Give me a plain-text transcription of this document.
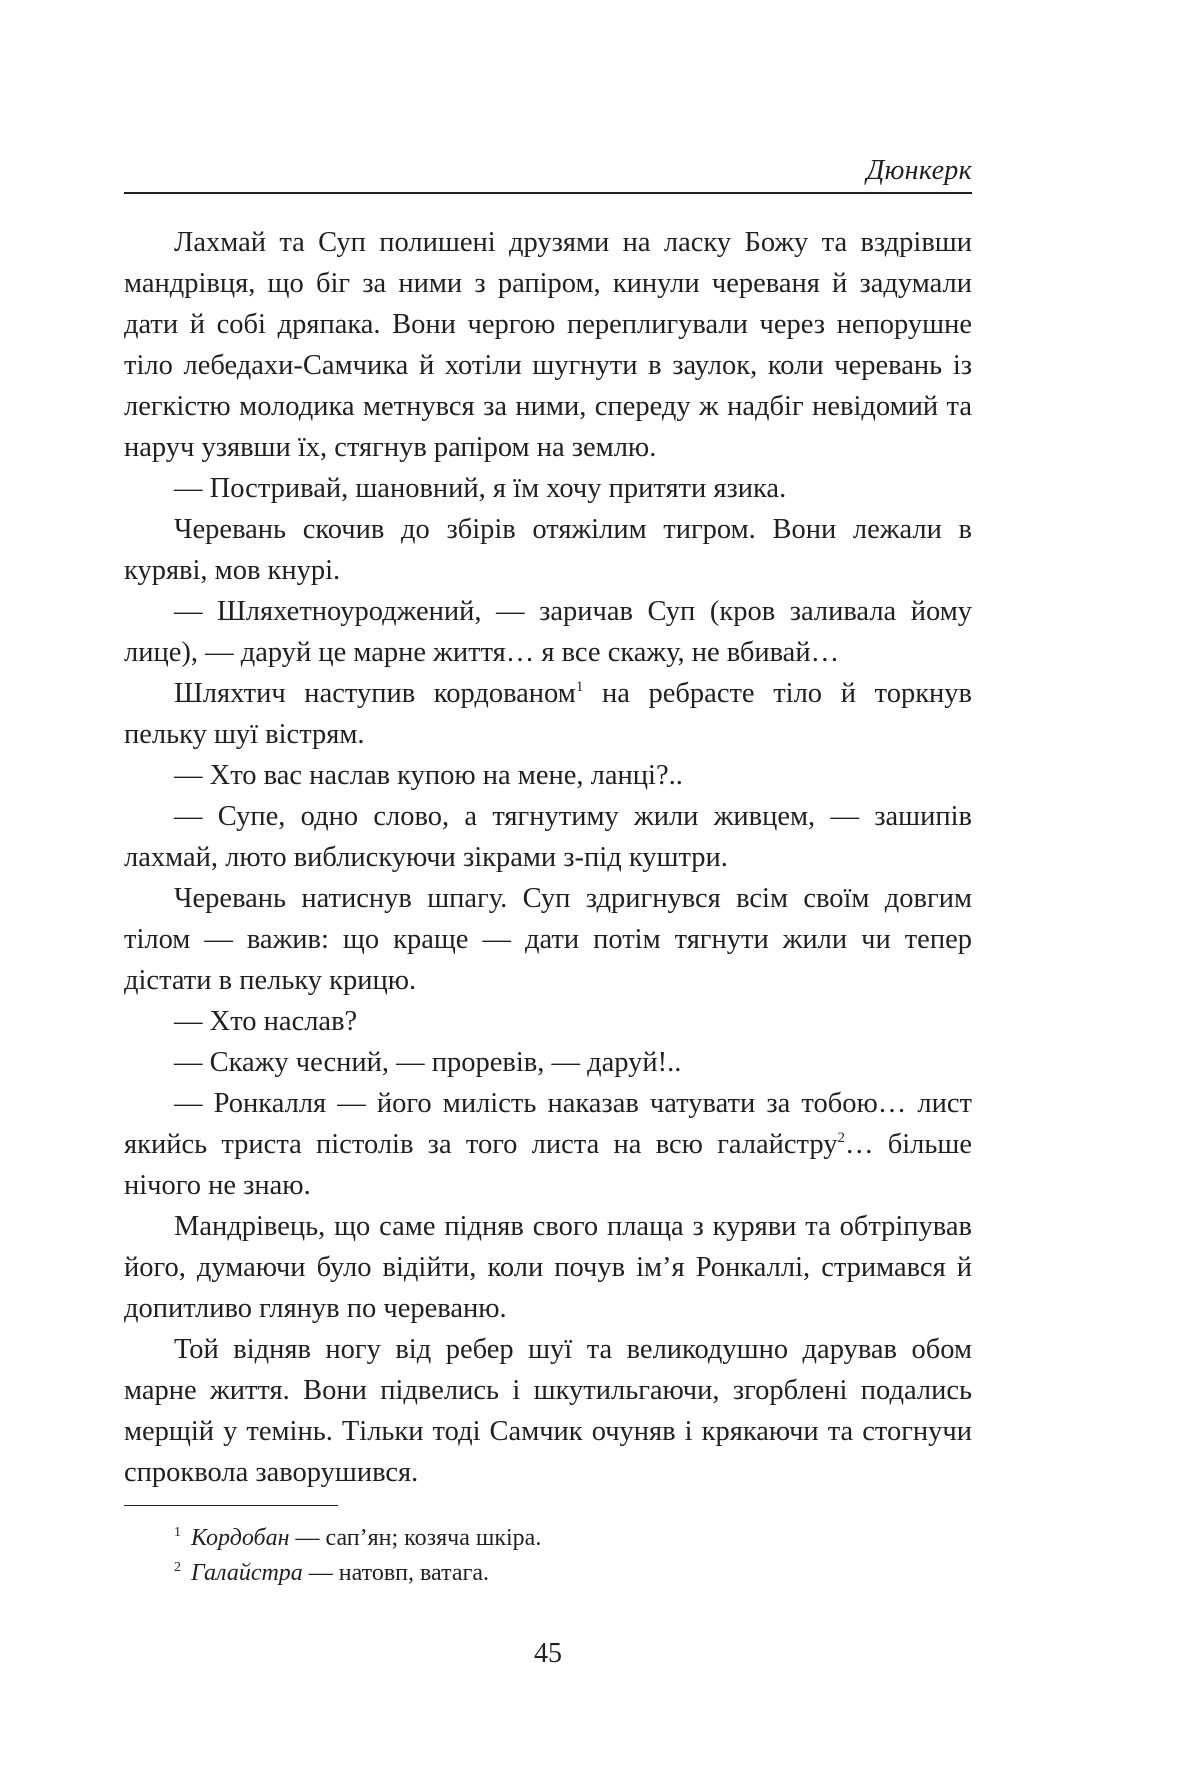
Дюнкерк

Лахмай та Суп полишені друзями на ласку Божу та вздрівши мандрівця, що біг за ними з рапіром, кинули череваня й задумали дати й собі дряпака. Вони чергою переплигували через непорушне тіло лебедахи-Самчика й хотіли шугнути в заулок, коли черевань із легкістю молодика метнувся за ними, спереду ж надбіг невідомий та наруч узявши їх, стягнув рапіром на землю.

— Постривай, шановний, я їм хочу притяти язика.

Черевань скочив до збірів отяжілим тигром. Вони лежали в куряві, мов кнурі.

— Шляхетноуроджений, — заричав Суп (кров заливала йому лице), — даруй це марне життя… я все скажу, не вбивай…

Шляхтич наступив кордованом$^1$ на ребрасте тіло й торкнув пельку шуї вістрям.

— Хто вас наслав купою на мене, ланці?..

— Супе, одно слово, а тягнутиму жили живцем, — зашипів лахмай, люто виблискуючи зікрами з-під куштри.

Черевань натиснув шпагу. Суп здригнувся всім своїм довгим тілом — важив: що краще — дати потім тягнути жили чи тепер дістати в пельку крицю.

— Хто наслав?

— Скажу чесний, — проревів, — даруй!..

— Ронкалля — його милість наказав чатувати за тобою… лист якийсь триста пістолів за того листа на всю галайстру$^2$… більше нічого не знаю.

Мандрівець, що саме підняв свого плаща з куряви та обтріпував його, думаючи було відійти, коли почув ім’я Ронкаллі, стримався й допитливо глянув по череваню.

Той відняв ногу від ребер шуї та великодушно дарував обом марне життя. Вони підвелись і шкутильгаючи, згорблені подались мерщій у темінь. Тільки тоді Самчик очуняв і крякаючи та стогнучи спроквола заворушився.

$^1$ Кордобан — сап’ян; козяча шкіра.
$^2$ Галайстра — натовп, ватага.
45
